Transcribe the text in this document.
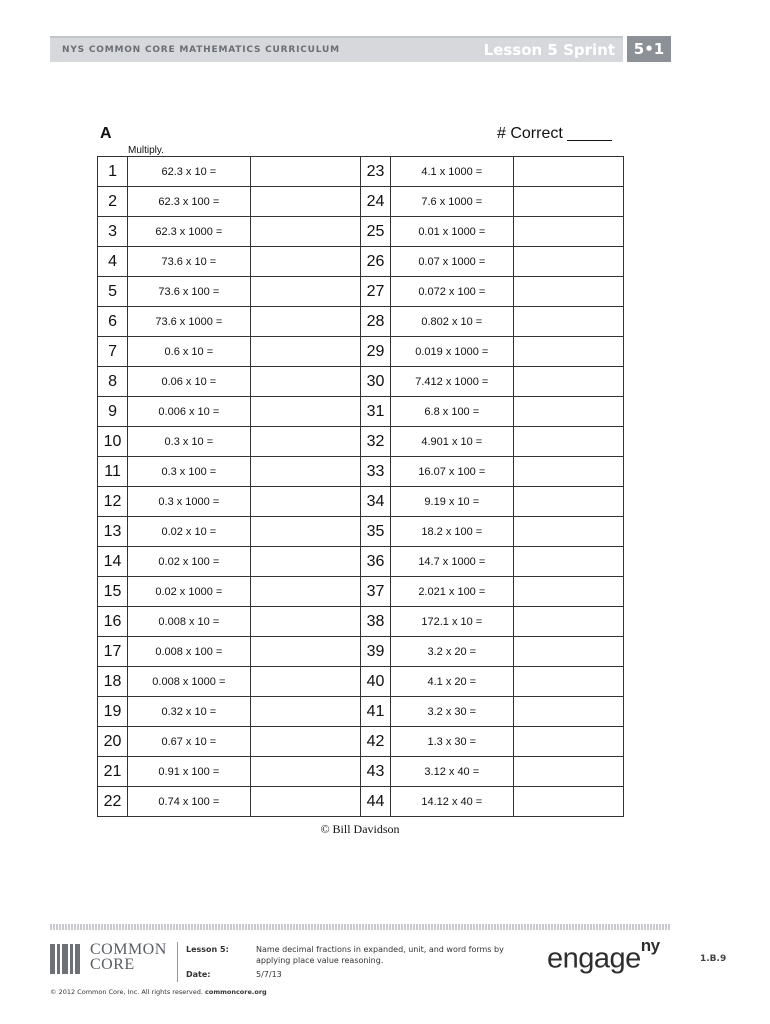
NYS COMMON CORE MATHEMATICS CURRICULUM	Lesson 5 Sprint	5•1
A	# Correct _____
Multiply.
1	62.3 x 10 =		23	4.1 x 1000 =	
2	62.3 x 100 =		24	7.6 x 1000 =	
3	62.3 x 1000 =		25	0.01 x 1000 =	
4	73.6 x 10 =		26	0.07 x 1000 =	
5	73.6 x 100 =		27	0.072 x 100 =	
6	73.6 x 1000 =		28	0.802 x 10 =	
7	0.6 x 10 =		29	0.019 x 1000 =	
8	0.06 x 10 =		30	7.412 x 1000 =	
9	0.006 x 10 =		31	6.8 x 100 =	
10	0.3 x 10 =		32	4.901 x 10 =	
11	0.3 x 100 =		33	16.07 x 100 =	
12	0.3 x 1000 =		34	9.19 x 10 =	
13	0.02 x 10 =		35	18.2 x 100 =	
14	0.02 x 100 =		36	14.7 x 1000 =	
15	0.02 x 1000 =		37	2.021 x 100 =	
16	0.008 x 10 =		38	172.1 x 10 =	
17	0.008 x 100 =		39	3.2 x 20 =	
18	0.008 x 1000 =		40	4.1 x 20 =	
19	0.32 x 10 =		41	3.2 x 30 =	
20	0.67 x 10 =		42	1.3 x 30 =	
21	0.91 x 100 =		43	3.12 x 40 =	
22	0.74 x 100 =		44	14.12 x 40 =	
© Bill Davidson
COMMON
CORE
Lesson 5:	Name decimal fractions in expanded, unit, and word forms by applying place value reasoning.
Date:	5/7/13	engage$^{ny}$
1.B.9
© 2012 Common Core, Inc. All rights reserved. commoncore.org
